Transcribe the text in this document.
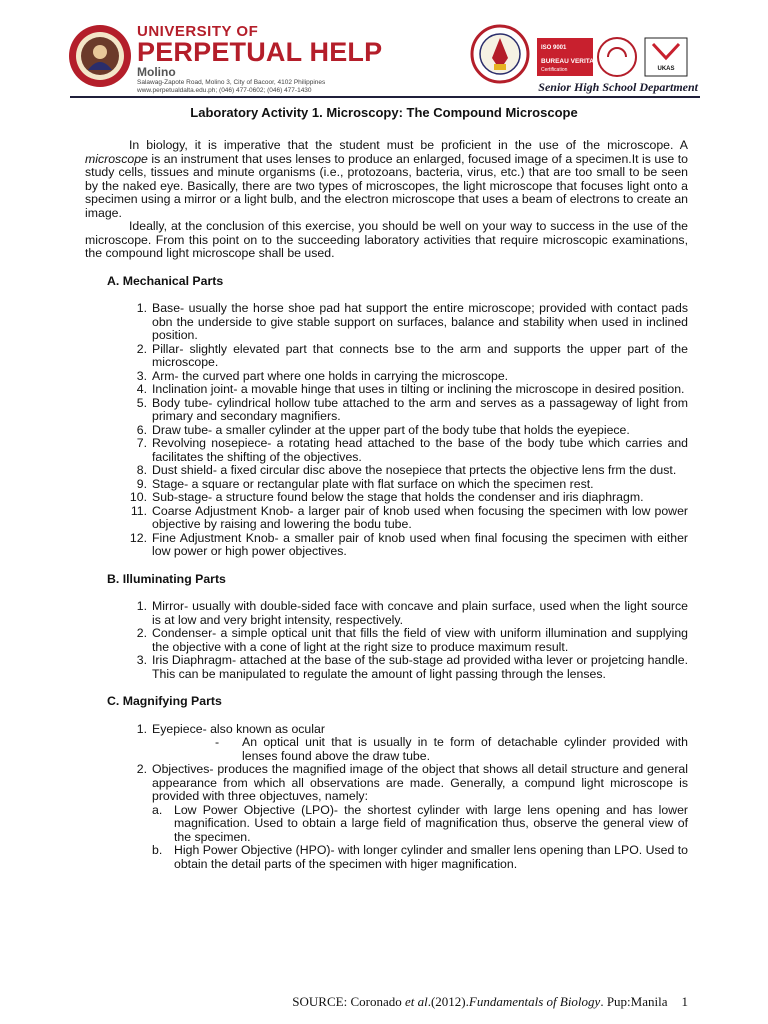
UNIVERSITY OF
PERPETUAL HELP
Molino
Salawag-Zapote Road, Molino 3, City of Bacoor, 4102 Philippines
www.perpetualdalta.edu.ph; (046) 477-0602; (046) 477-1430
ISO 9001
BUREAU VERITAS
Certification	UKAS
Senior High School Department
Laboratory Activity 1. Microscopy: The Compound Microscope

In biology, it is imperative that the student must be proficient in the use of the microscope. A microscope is an instrument that uses lenses to produce an enlarged, focused image of a specimen.It is use to study cells, tissues and minute organisms (i.e., protozoans, bacteria, virus, etc.) that are too small to be seen by the naked eye. Basically, there are two types of microscopes, the light microscope that focuses light onto a specimen using a mirror or a light bulb, and the electron microscope that uses a beam of electrons to create an image.

Ideally, at the conclusion of this exercise, you should be well on your way to success in the use of the microscope. From this point on to the succeeding laboratory activities that require microscopic examinations, the compound light microscope shall be used.

A. Mechanical Parts
1. Base- usually the horse shoe pad hat support the entire microscope; provided with contact pads obn the underside to give stable support on surfaces, balance and stability when used in inclined position.
2. Pillar- slightly elevated part that connects bse to the arm and supports the upper part of the microscope.
3. Arm- the curved part where one holds in carrying the microscope.
4. Inclination joint- a movable hinge that uses in tilting or inclining the microscope in desired position.
5. Body tube- cylindrical hollow tube attached to the arm and serves as a passageway of light from primary and secondary magnifiers.
6. Draw tube- a smaller cylinder at the upper part of the body tube that holds the eyepiece.
7. Revolving nosepiece- a rotating head attached to the base of the body tube which carries and facilitates the shifting of the objectives.
8. Dust shield- a fixed circular disc above the nosepiece that prtects the objective lens frm the dust.
9. Stage- a square or rectangular plate with flat surface on which the specimen rest.
10. Sub-stage- a structure found below the stage that holds the condenser and iris diaphragm.
11. Coarse Adjustment Knob- a larger pair of knob used when focusing the specimen with low power objective by raising and lowering the bodu tube.
12. Fine Adjustment Knob- a smaller pair of knob used when final focusing the specimen with either low power or high power objectives.
B. Illuminating Parts
1. Mirror- usually with double-sided face with concave and plain surface, used when the light source is at low and very bright intensity, respectively.
2. Condenser- a simple optical unit that fills the field of view with uniform illumination and supplying the objective with a cone of light at the right size to produce maximum result.
3. Iris Diaphragm- attached at the base of the sub-stage ad provided witha lever or projetcing handle. This can be manipulated to regulate the amount of light passing through the lenses.
C. Magnifying Parts
1. Eyepiece- also known as ocular
- An optical unit that is usually in te form of detachable cylinder provided with lenses found above the draw tube.
2. Objectives- produces the magnified image of the object that shows all detail structure and general appearance from which all observations are made. Generally, a compund light microscope is provided with three objectuves, namely:
a. Low Power Objective (LPO)- the shortest cylinder with large lens opening and has lower magnification. Used to obtain a large field of magnification thus, observe the general view of the specimen.
b. High Power Objective (HPO)- with longer cylinder and smaller lens opening than LPO. Used to obtain the detail parts of the specimen with higer magnification.
SOURCE: Coronado et al.(2012).Fundamentals of Biology. Pup:Manila 1
